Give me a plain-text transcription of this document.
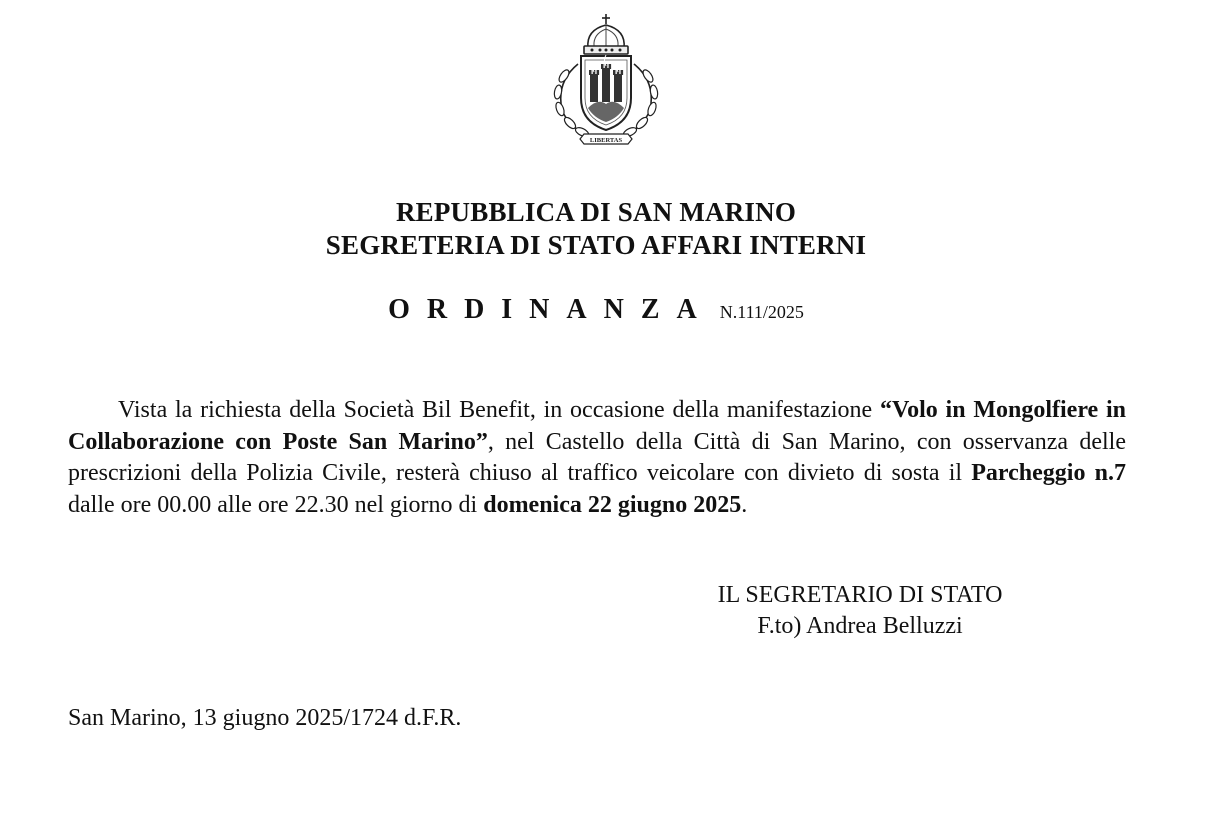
LIBERTAS
REPUBBLICA DI SAN MARINO
SEGRETERIA DI STATO AFFARI INTERNI
ORDINANZA N.111/2025
Vista la richiesta della Società Bil Benefit, in occasione della manifestazione “Volo in Mongolfiere in Collaborazione con Poste San Marino”, nel Castello della Città di San Marino, con osservanza delle prescrizioni della Polizia Civile, resterà chiuso al traffico veicolare con divieto di sosta il Parcheggio n.7 dalle ore 00.00 alle ore 22.30 nel giorno di domenica 22 giugno 2025.
IL SEGRETARIO DI STATO
F.to) Andrea Belluzzi
San Marino, 13 giugno 2025/1724 d.F.R.
